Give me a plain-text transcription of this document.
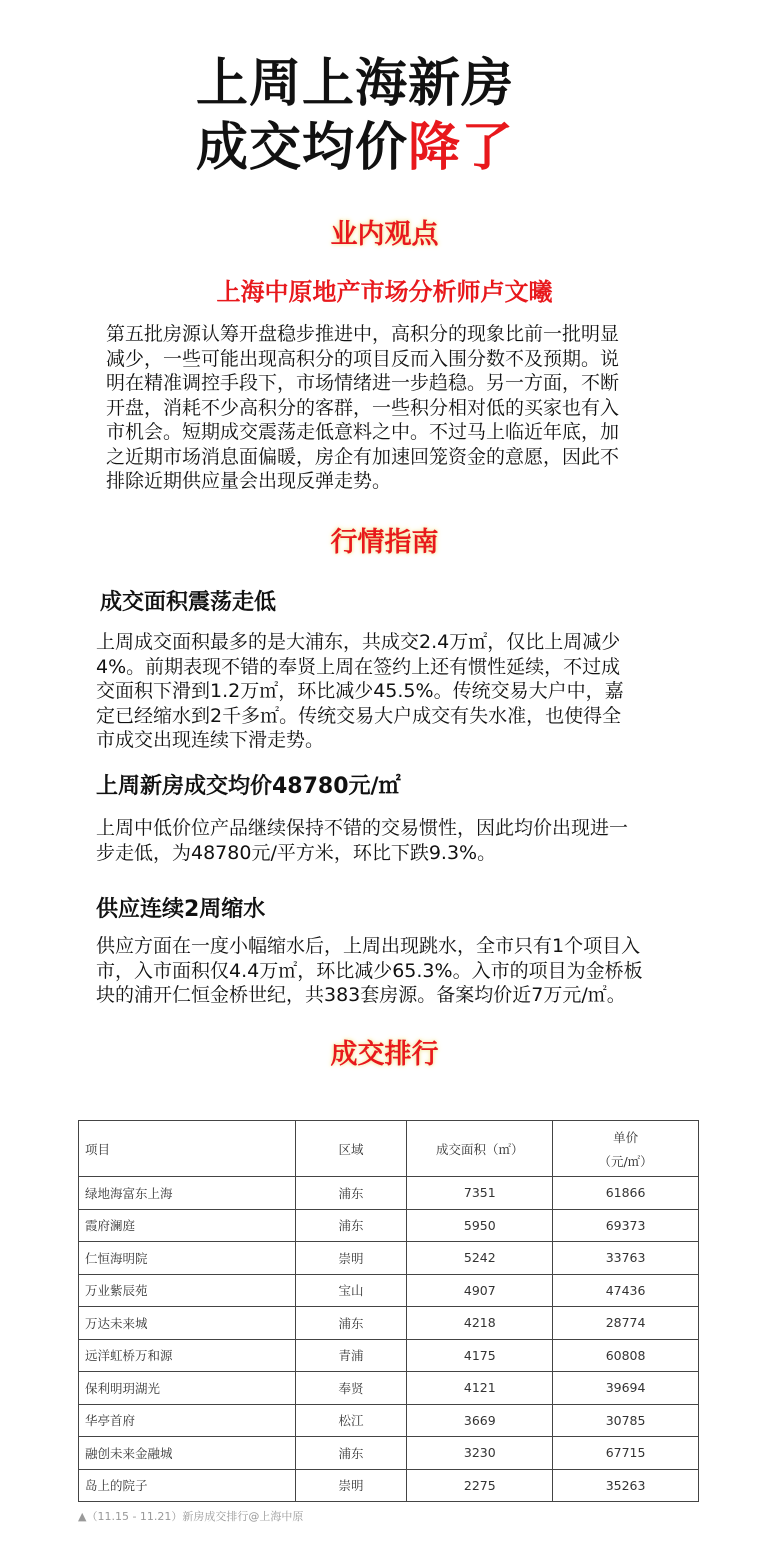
上周上海新房
成交均价降了
业内观点
上海中原地产市场分析师卢文曦
第五批房源认筹开盘稳步推进中，高积分的现象比前一批明显
减少，一些可能出现高积分的项目反而入围分数不及预期。说
明在精准调控手段下，市场情绪进一步趋稳。另一方面，不断
开盘，消耗不少高积分的客群，一些积分相对低的买家也有入
市机会。短期成交震荡走低意料之中。不过马上临近年底，加
之近期市场消息面偏暖，房企有加速回笼资金的意愿，因此不
排除近期供应量会出现反弹走势。
行情指南
成交面积震荡走低
上周成交面积最多的是大浦东，共成交2.4万㎡，仅比上周减少
4%。前期表现不错的奉贤上周在签约上还有惯性延续，不过成
交面积下滑到1.2万㎡，环比减少45.5%。传统交易大户中，嘉
定已经缩水到2千多㎡。传统交易大户成交有失水准，也使得全
市成交出现连续下滑走势。
上周新房成交均价48780元/㎡
上周中低价位产品继续保持不错的交易惯性，因此均价出现进一
步走低，为48780元/平方米，环比下跌9.3%。
供应连续2周缩水
供应方面在一度小幅缩水后，上周出现跳水，全市只有1个项目入
市，入市面积仅4.4万㎡，环比减少65.3%。入市的项目为金桥板
块的浦开仁恒金桥世纪，共383套房源。备案均价近7万元/㎡。
成交排行
项目	区域	成交面积（㎡）	单价
（元/㎡）

绿地海富东上海	浦东	7351	61866
霞府澜庭	浦东	5950	69373
仁恒海明院	崇明	5242	33763
万业紫辰苑	宝山	4907	47436
万达未来城	浦东	4218	28774
远洋虹桥万和源	青浦	4175	60808
保利明玥湖光	奉贤	4121	39694
华亭首府	松江	3669	30785
融创未来金融城	浦东	3230	67715
岛上的院子	崇明	2275	35263
▲（11.15 - 11.21）新房成交排行@上海中原
